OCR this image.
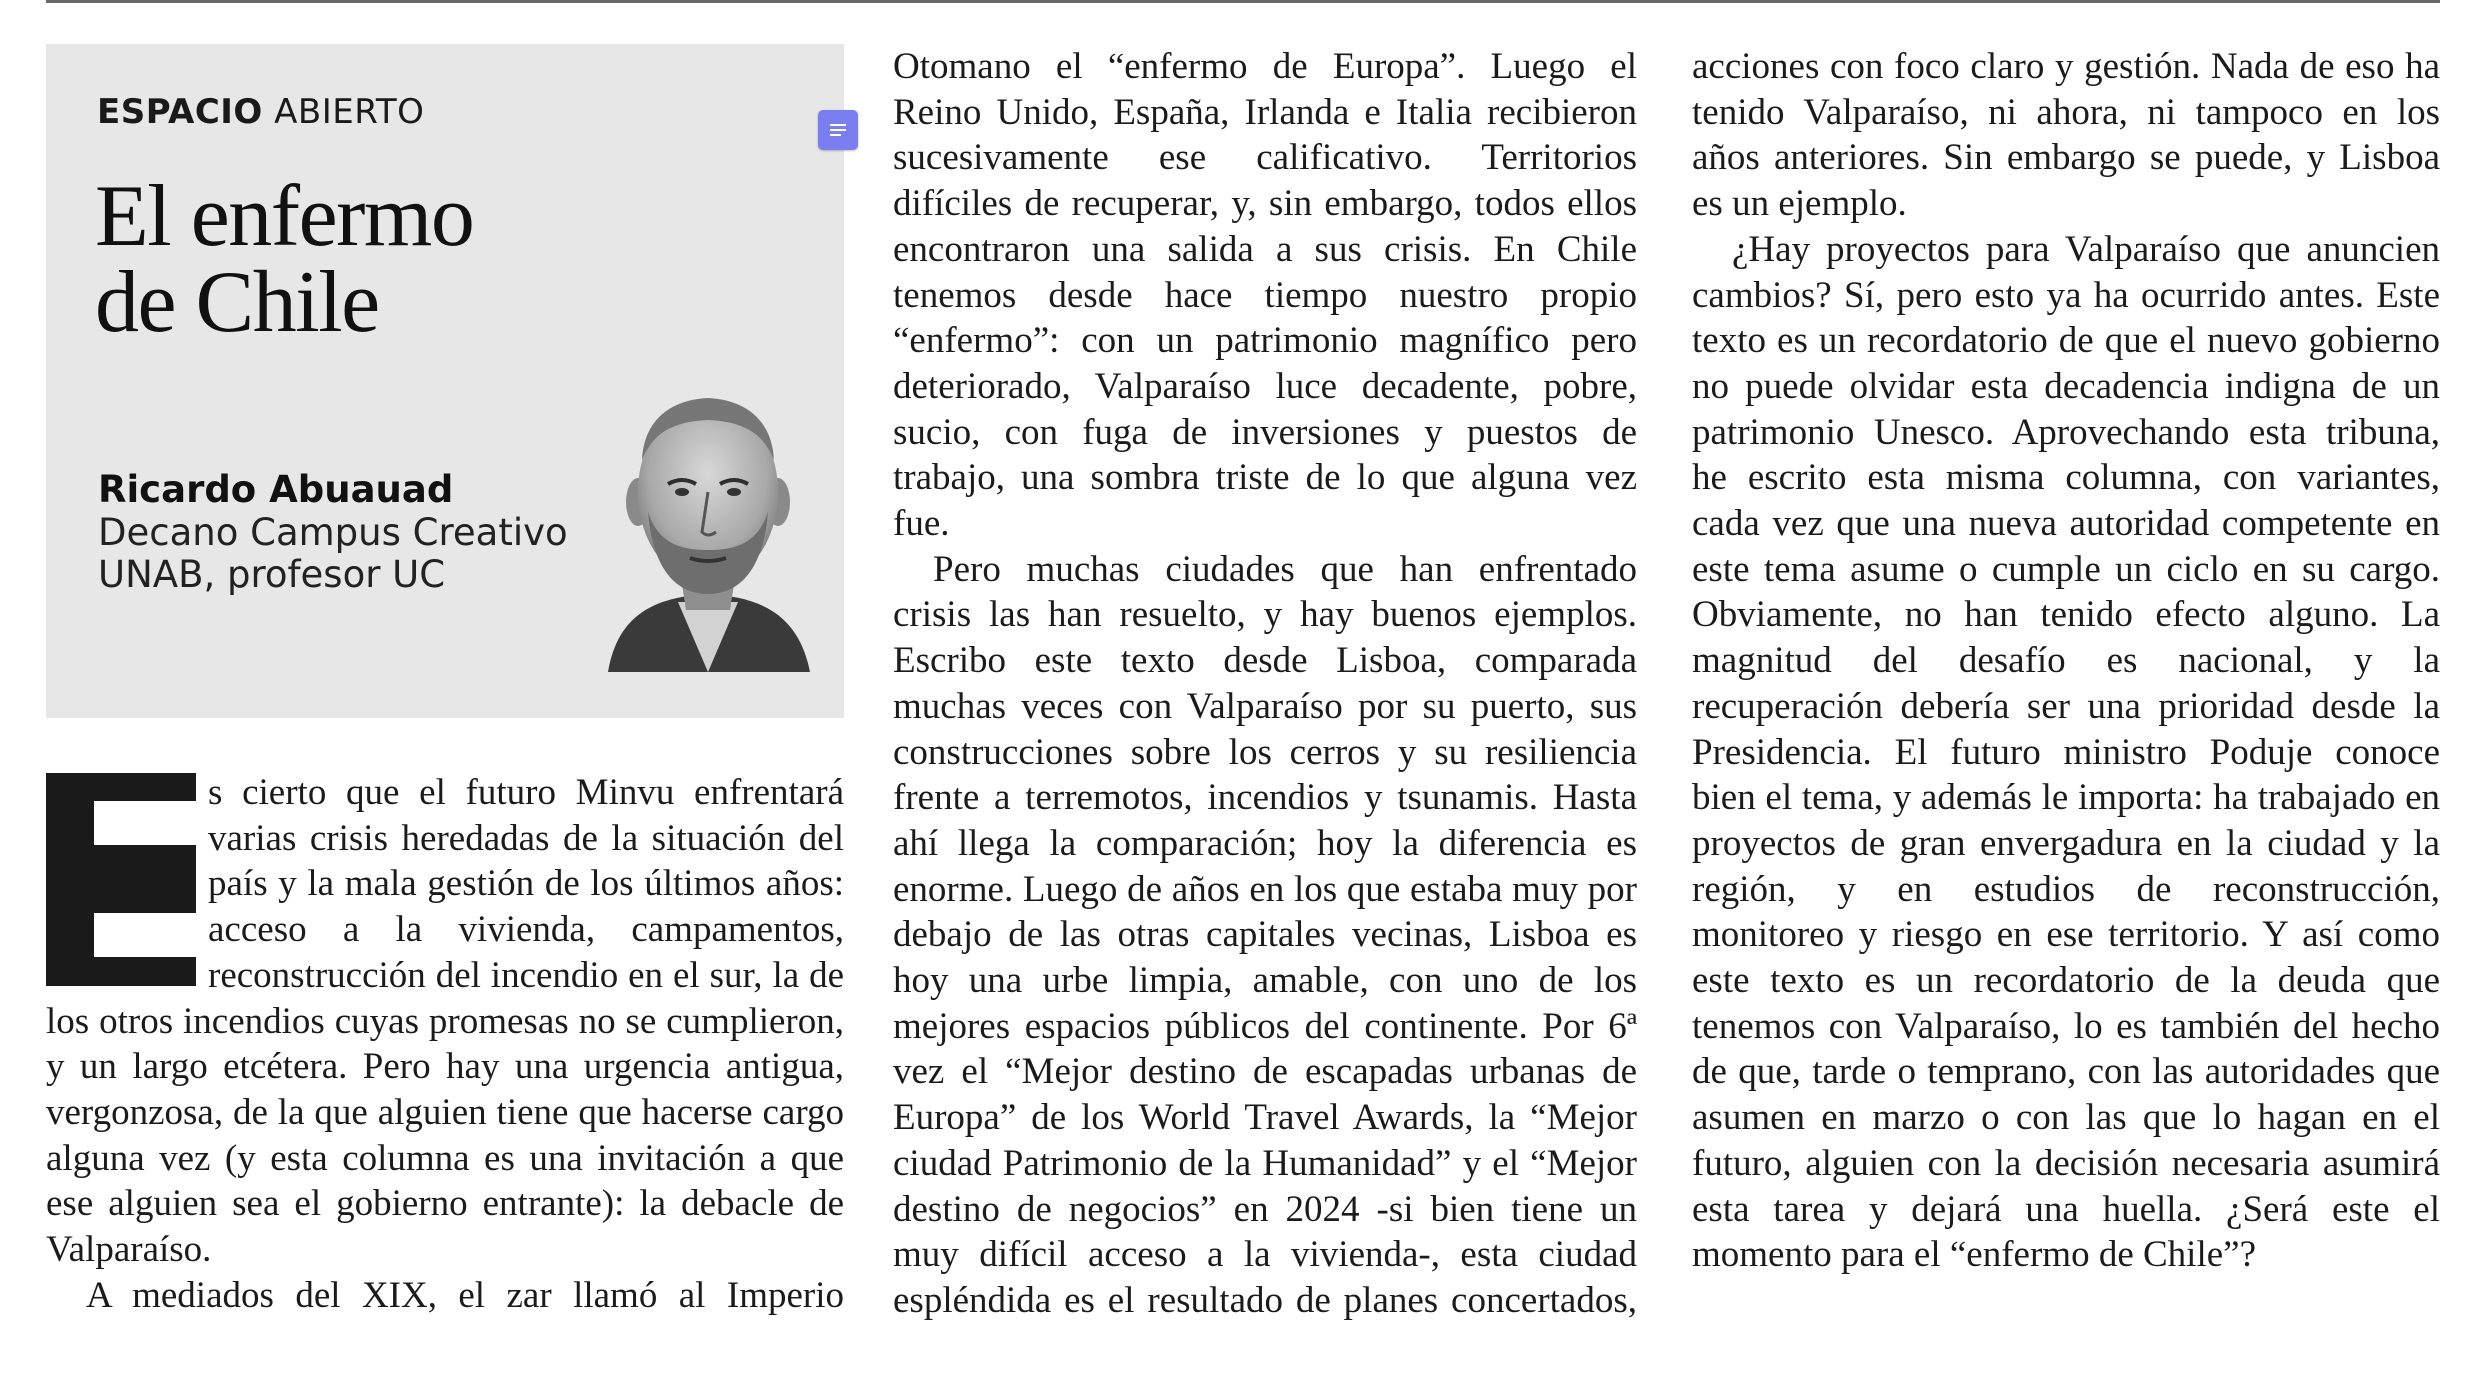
ESPACIO ABIERTO
El enfermo
de Chile
Ricardo Abuauad
Decano Campus Creativo
UNAB, profesor UC

s cierto que el futuro Minvu enfrentará varias crisis heredadas de la situación del país y la mala gestión de los últimos años: acceso a la vivienda, campamentos, reconstrucción del incendio en el sur, la de los otros incendios cuyas promesas no se cumplieron, y un largo etcétera. Pero hay una urgencia antigua, vergonzosa, de la que alguien tiene que hacerse cargo alguna vez (y esta columna es una invitación a que ese alguien sea el gobierno entrante): la debacle de Valparaíso.

A mediados del XIX, el zar llamó al Imperio

Otomano el “enfermo de Europa”. Luego el Reino Unido, España, Irlanda e Italia recibieron sucesivamente ese calificativo. Territorios difíciles de recuperar, y, sin embargo, todos ellos encontraron una salida a sus crisis. En Chile tenemos desde hace tiempo nuestro propio “enfermo”: con un patrimonio magnífico pero deteriorado, Valparaíso luce decadente, pobre, sucio, con fuga de inversiones y puestos de trabajo, una sombra triste de lo que alguna vez fue.

Pero muchas ciudades que han enfrentado crisis las han resuelto, y hay buenos ejemplos. Escribo este texto desde Lisboa, comparada muchas veces con Valparaíso por su puerto, sus construcciones sobre los cerros y su resiliencia frente a terremotos, incendios y tsunamis. Hasta ahí llega la comparación; hoy la diferencia es enorme. Luego de años en los que estaba muy por debajo de las otras capitales vecinas, Lisboa es hoy una urbe limpia, amable, con uno de los mejores espacios públicos del continente. Por 6ª vez el “Mejor destino de escapadas urbanas de Europa” de los World Travel Awards, la “Mejor ciudad Patrimonio de la Humanidad” y el “Mejor destino de negocios” en 2024 -si bien tiene un muy difícil acceso a la vivienda-, esta ciudad espléndida es el resultado de planes concertados,

acciones con foco claro y gestión. Nada de eso ha tenido Valparaíso, ni ahora, ni tampoco en los años anteriores. Sin embargo se puede, y Lisboa es un ejemplo.

¿Hay proyectos para Valparaíso que anuncien cambios? Sí, pero esto ya ha ocurrido antes. Este texto es un recordatorio de que el nuevo gobierno no puede olvidar esta decadencia indigna de un patrimonio Unesco. Aprovechando esta tribuna, he escrito esta misma columna, con variantes, cada vez que una nueva autoridad competente en este tema asume o cumple un ciclo en su cargo. Obviamente, no han tenido efecto alguno. La magnitud del desafío es nacional, y la recuperación debería ser una prioridad desde la Presidencia. El futuro ministro Poduje conoce bien el tema, y además le importa: ha trabajado en proyectos de gran envergadura en la ciudad y la región, y en estudios de reconstrucción, monitoreo y riesgo en ese territorio. Y así como este texto es un recordatorio de la deuda que tenemos con Valparaíso, lo es también del hecho de que, tarde o temprano, con las autoridades que asumen en marzo o con las que lo hagan en el futuro, alguien con la decisión necesaria asumirá esta tarea y dejará una huella. ¿Será este el momento para el “enfermo de Chile”?
